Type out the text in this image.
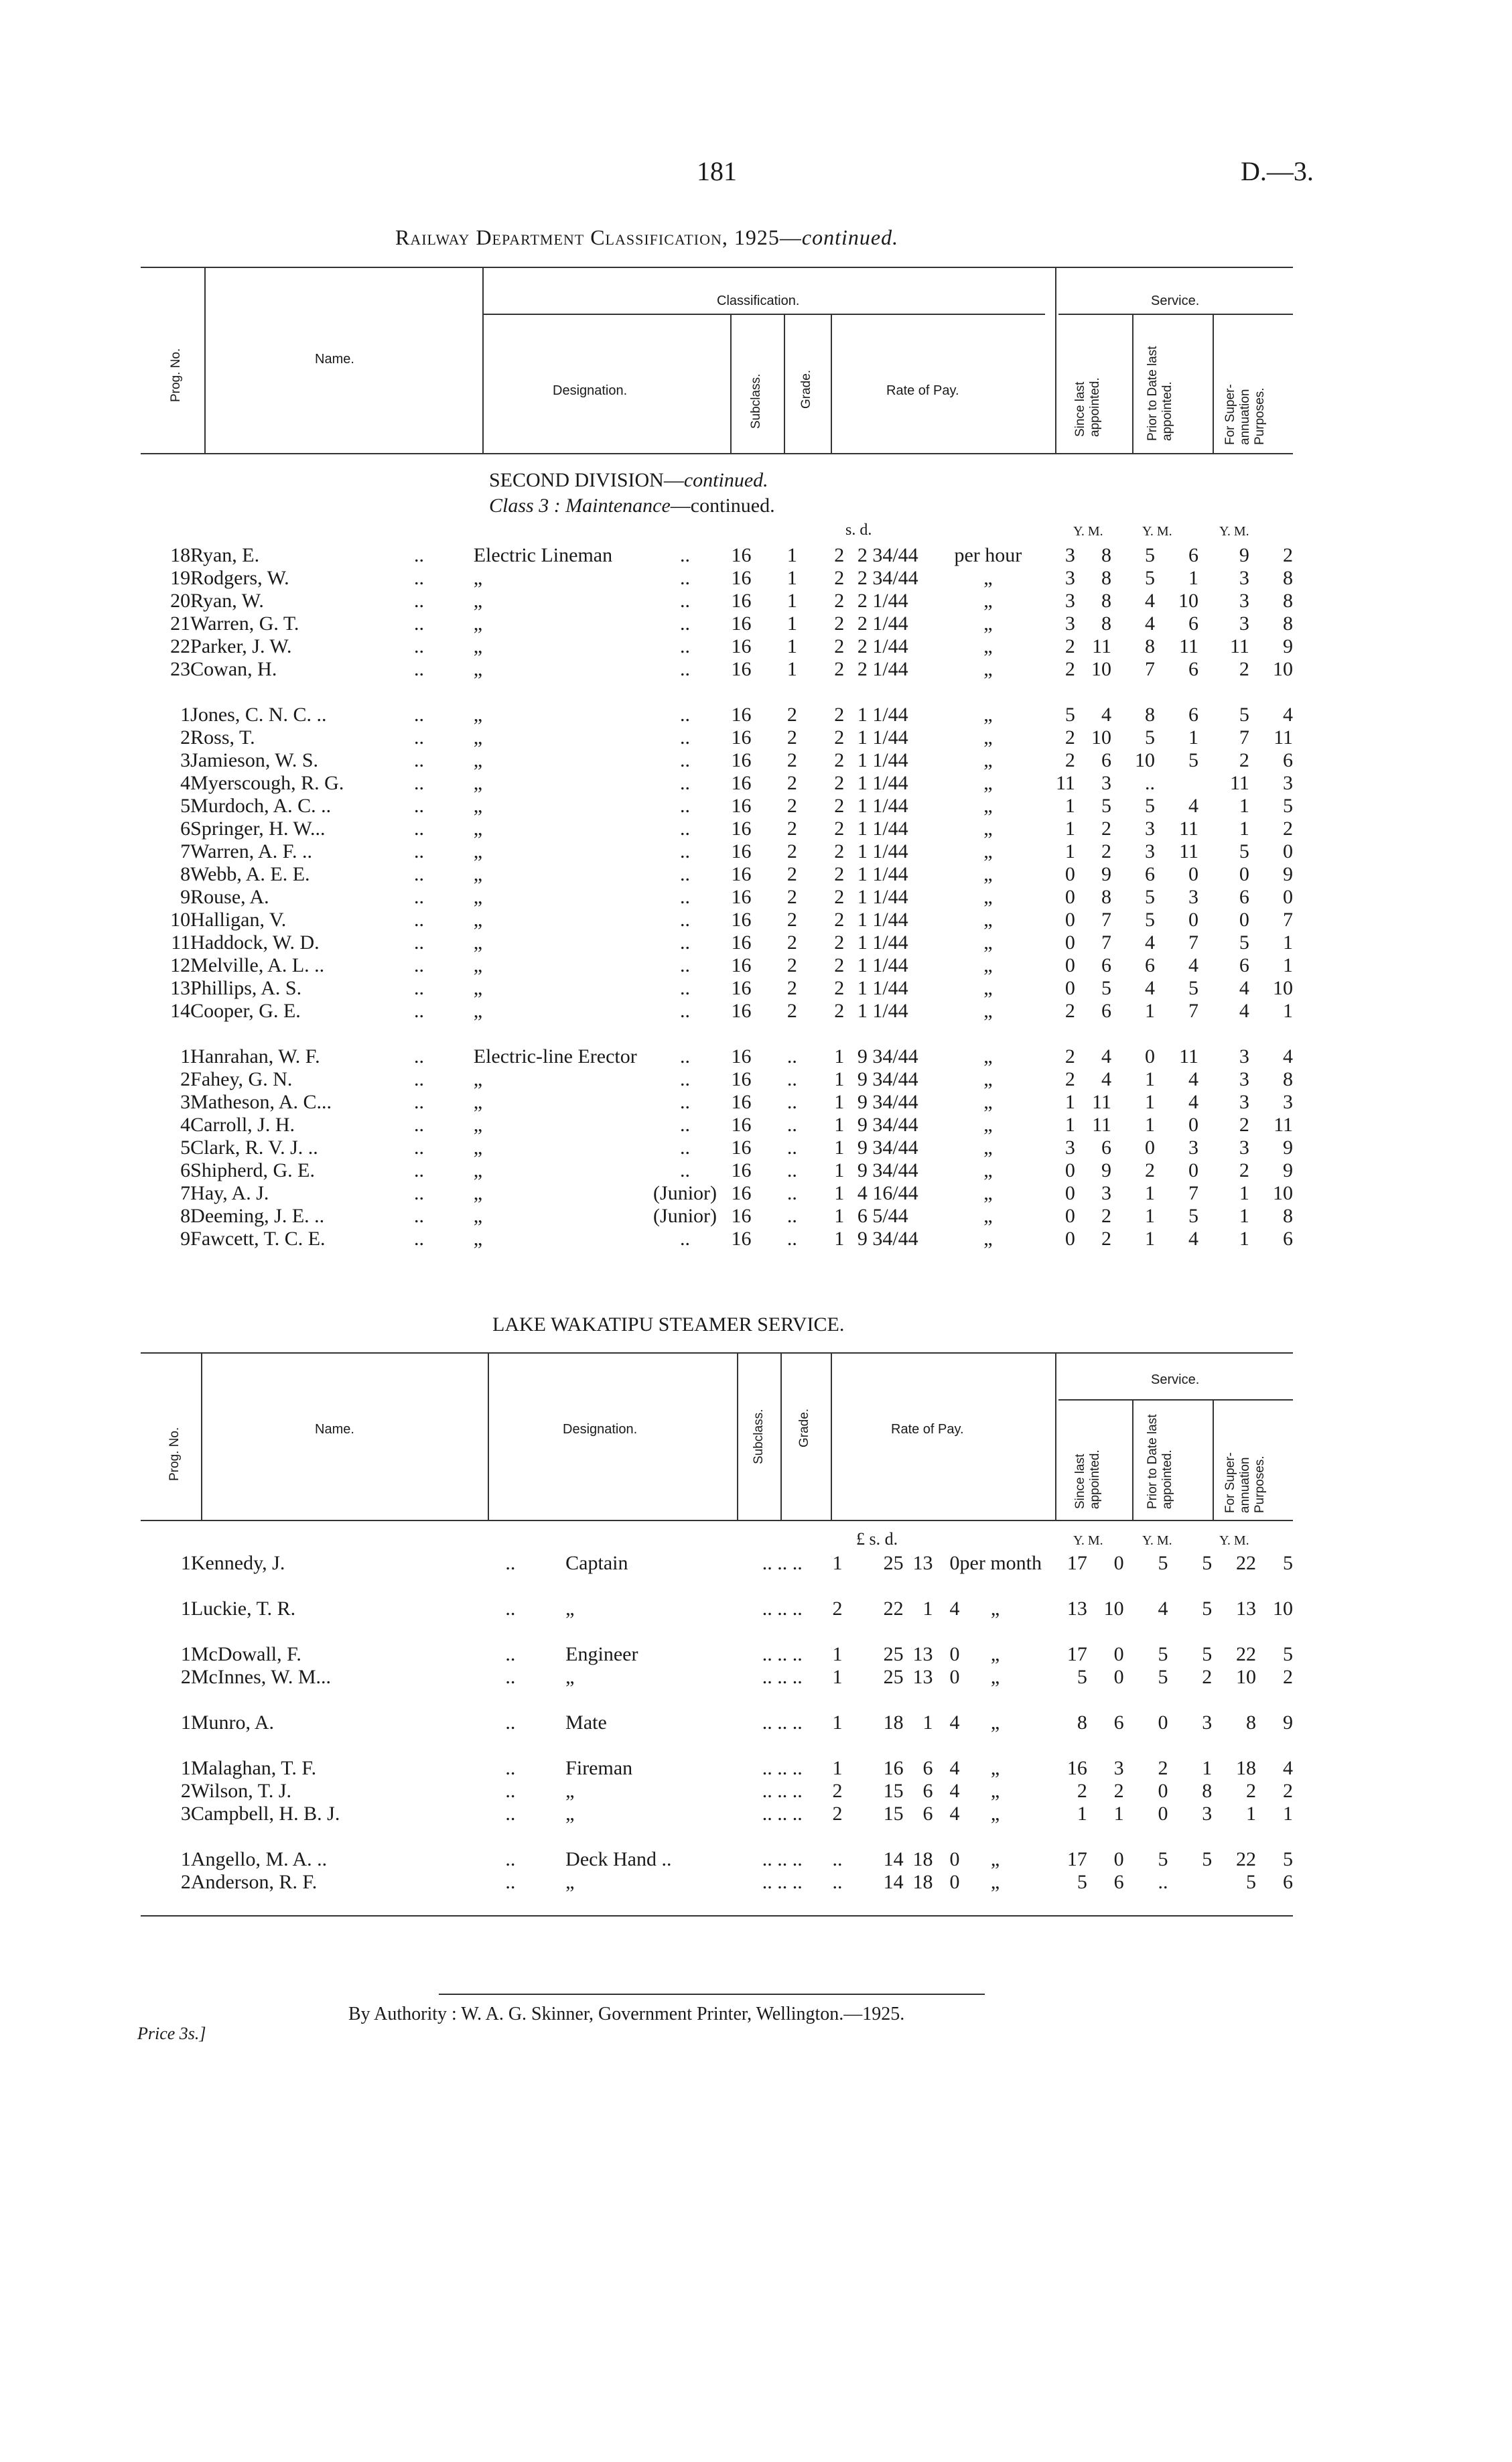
181	D.—3.
Railway Department Classification, 1925—continued.
Prog. No.	Name.
Classification.
Designation.	Subclass.	Grade.	Rate of Pay.
Service.
Since last appointed.	Prior to Date last appointed.	For Super-annuation Purposes.
SECOND DIVISION—continued.
Class 3 : Maintenance—continued.
s. d.	Y. M.	Y. M.	Y. M.
18	Ryan, E.	..	Electric Lineman	..	16	1	2	2 34/44	per hour	3	8	5	6	9	2
19	Rodgers, W.	..	„	..	16	1	2	2 34/44	„	3	8	5	1	3	8
20	Ryan, W.	..	„	..	16	1	2	2 1/44	„	3	8	4	10	3	8
21	Warren, G. T.	..	„	..	16	1	2	2 1/44	„	3	8	4	6	3	8
22	Parker, J. W.	..	„	..	16	1	2	2 1/44	„	2	11	8	11	11	9
23	Cowan, H.	..	„	..	16	1	2	2 1/44	„	2	10	7	6	2	10

1	Jones, C. N. C. ..	..	„	..	16	2	2	1 1/44	„	5	4	8	6	5	4
2	Ross, T.	..	„	..	16	2	2	1 1/44	„	2	10	5	1	7	11
3	Jamieson, W. S.	..	„	..	16	2	2	1 1/44	„	2	6	10	5	2	6
4	Myerscough, R. G.	..	„	..	16	2	2	1 1/44	„	11	3	..		11	3
5	Murdoch, A. C. ..	..	„	..	16	2	2	1 1/44	„	1	5	5	4	1	5
6	Springer, H. W...	..	„	..	16	2	2	1 1/44	„	1	2	3	11	1	2
7	Warren, A. F. ..	..	„	..	16	2	2	1 1/44	„	1	2	3	11	5	0
8	Webb, A. E. E.	..	„	..	16	2	2	1 1/44	„	0	9	6	0	0	9
9	Rouse, A.	..	„	..	16	2	2	1 1/44	„	0	8	5	3	6	0
10	Halligan, V.	..	„	..	16	2	2	1 1/44	„	0	7	5	0	0	7
11	Haddock, W. D.	..	„	..	16	2	2	1 1/44	„	0	7	4	7	5	1
12	Melville, A. L. ..	..	„	..	16	2	2	1 1/44	„	0	6	6	4	6	1
13	Phillips, A. S.	..	„	..	16	2	2	1 1/44	„	0	5	4	5	4	10
14	Cooper, G. E.	..	„	..	16	2	2	1 1/44	„	2	6	1	7	4	1

1	Hanrahan, W. F.	..	Electric-line Erector	..	16	..	1	9 34/44	„	2	4	0	11	3	4
2	Fahey, G. N.	..	„	..	16	..	1	9 34/44	„	2	4	1	4	3	8
3	Matheson, A. C...	..	„	..	16	..	1	9 34/44	„	1	11	1	4	3	3
4	Carroll, J. H.	..	„	..	16	..	1	9 34/44	„	1	11	1	0	2	11
5	Clark, R. V. J. ..	..	„	..	16	..	1	9 34/44	„	3	6	0	3	3	9
6	Shipherd, G. E.	..	„	..	16	..	1	9 34/44	„	0	9	2	0	2	9
7	Hay, A. J.	..	„	(Junior)	16	..	1	4 16/44	„	0	3	1	7	1	10
8	Deeming, J. E. ..	..	„	(Junior)	16	..	1	6 5/44	„	0	2	1	5	1	8
9	Fawcett, T. C. E.	..	„	..	16	..	1	9 34/44	„	0	2	1	4	1	6
LAKE WAKATIPU STEAMER SERVICE.
Prog. No.	Name.	Designation.	Subclass. Grade.	Rate of Pay.
Service.
Since last appointed.	Prior to Date last appointed.	For Super-annuation Purposes.
£ s. d.	Y. M.	Y. M.	Y. M.
1	Kennedy, J.	..	Captain	.. .. ..	1	25	13	0per month	17	0	5	5	22	5

1	Luckie, T. R.	..	„	.. .. ..	2	22	1	4 „	13	10	4	5	13	10

1	McDowall, F.	..	Engineer	.. .. ..	1	25	13	0 „	17	0	5	5	22	5
2	McInnes, W. M...	..	„	.. .. ..	1	25	13	0 „	5	0	5	2	10	2

1	Munro, A.	..	Mate	.. .. ..	1	18	1	4 „	8	6	0	3	8	9

1	Malaghan, T. F.	..	Fireman	.. .. ..	1	16	6	4 „	16	3	2	1	18	4
2	Wilson, T. J.	..	„	.. .. ..	2	15	6	4 „	2	2	0	8	2	2
3	Campbell, H. B. J.	..	„	.. .. ..	2	15	6	4 „	1	1	0	3	1	1

1	Angello, M. A. ..	..	Deck Hand ..	.. .. ..	..	14	18	0 „	17	0	5	5	22	5
2	Anderson, R. F.	..	„	.. .. ..	..	14	18	0 „	5	6	..		5	6
By Authority : W. A. G. Skinner, Government Printer, Wellington.—1925.
Price 3s.]
